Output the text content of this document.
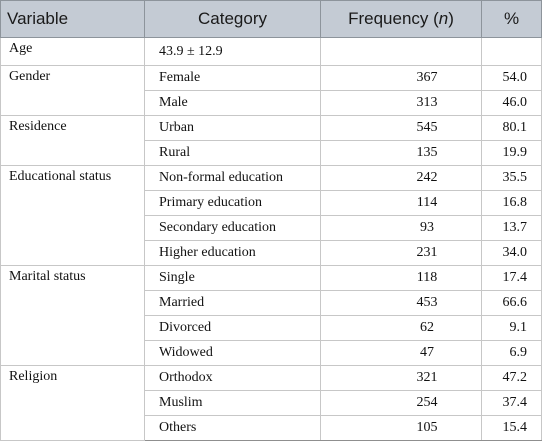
Variable	Category	Frequency (n)	%
Age	43.9 ± 12.9		
Gender	Female	367	54.0
	Male	313	46.0
Residence	Urban	545	80.1
	Rural	135	19.9
Educational status	Non-formal education	242	35.5
	Primary education	114	16.8
	Secondary education	93	13.7
	Higher education	231	34.0
Marital status	Single	118	17.4
	Married	453	66.6
	Divorced	62	9.1
	Widowed	47	6.9
Religion	Orthodox	321	47.2
	Muslim	254	37.4
	Others	105	15.4
